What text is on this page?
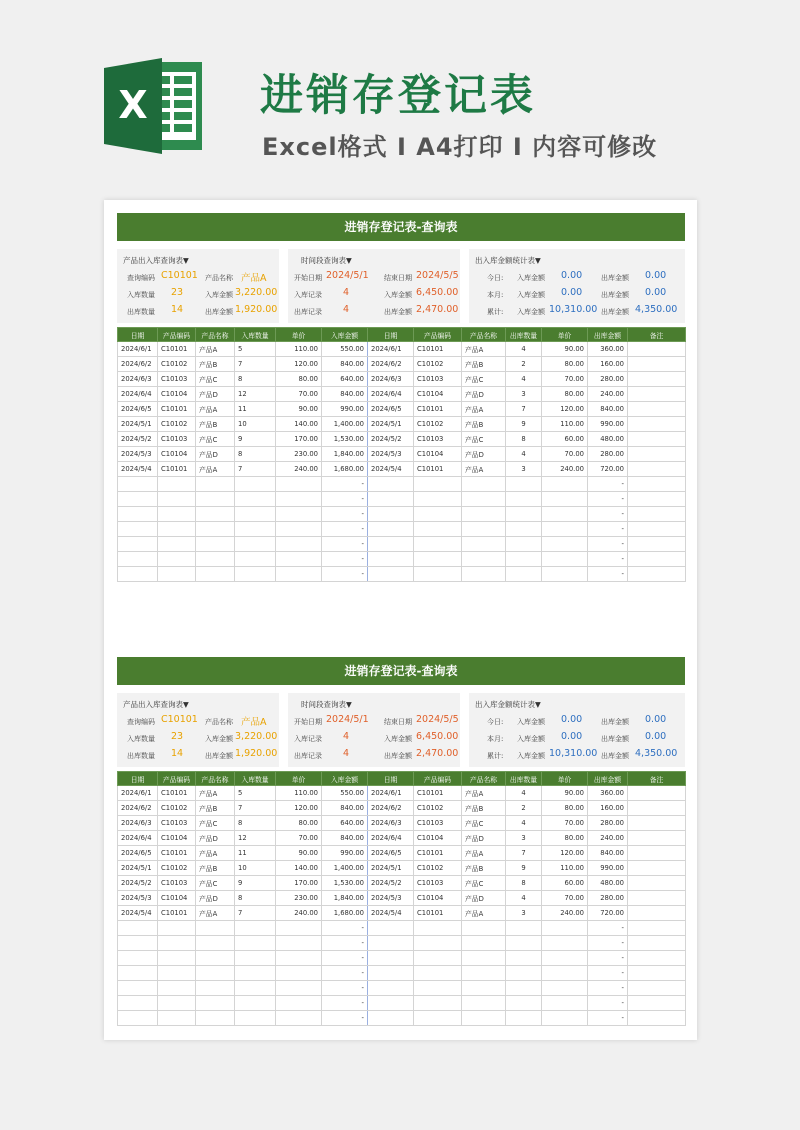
X	进销存登记表
Excel格式 I A4打印 I 内容可修改
进销存登记表-查询表
产品出入库查询表▼
查询编码 C10101 产品名称 产品A
入库数量 23	入库金额 3,220.00
出库数量 14	出库金额 1,920.00
时间段查询表▼
开始日期 2024/5/1 结束日期 2024/5/5
入库记录 4	入库金额 6,450.00
出库记录 4	出库金额 2,470.00
出入库金额统计表▼
今日: 入库金额 0.00	出库金额 0.00
本月: 入库金额 0.00	出库金额 0.00
累计: 入库金额 10,310.00 出库金额 4,350.00
日期	产品编码	产品名称	入库数量	单价	入库金额	日期	产品编码	产品名称	出库数量	单价	出库金额	备注
2024/6/1	C10101	产品A	5	110.00	550.00	2024/6/1	C10101	产品A	4	90.00	360.00	
2024/6/2	C10102	产品B	7	120.00	840.00	2024/6/2	C10102	产品B	2	80.00	160.00	
2024/6/3	C10103	产品C	8	80.00	640.00	2024/6/3	C10103	产品C	4	70.00	280.00	
2024/6/4	C10104	产品D	12	70.00	840.00	2024/6/4	C10104	产品D	3	80.00	240.00	
2024/6/5	C10101	产品A	11	90.00	990.00	2024/6/5	C10101	产品A	7	120.00	840.00	
2024/5/1	C10102	产品B	10	140.00	1,400.00	2024/5/1	C10102	产品B	9	110.00	990.00	
2024/5/2	C10103	产品C	9	170.00	1,530.00	2024/5/2	C10103	产品C	8	60.00	480.00	
2024/5/3	C10104	产品D	8	230.00	1,840.00	2024/5/3	C10104	产品D	4	70.00	280.00	
2024/5/4	C10101	产品A	7	240.00	1,680.00	2024/5/4	C10101	产品A	3	240.00	720.00	
					-						-	
					-						-	
					-						-	
					-						-	
					-						-	
					-						-	
					-						-	
进销存登记表-查询表
产品出入库查询表▼
查询编码 C10101 产品名称 产品A
入库数量 23	入库金额 3,220.00
出库数量 14	出库金额 1,920.00
时间段查询表▼
开始日期 2024/5/1 结束日期 2024/5/5
入库记录 4	入库金额 6,450.00
出库记录 4	出库金额 2,470.00
出入库金额统计表▼
今日: 入库金额 0.00	出库金额 0.00
本月: 入库金额 0.00	出库金额 0.00
累计: 入库金额 10,310.00 出库金额 4,350.00
日期	产品编码	产品名称	入库数量	单价	入库金额	日期	产品编码	产品名称	出库数量	单价	出库金额	备注
2024/6/1	C10101	产品A	5	110.00	550.00	2024/6/1	C10101	产品A	4	90.00	360.00	
2024/6/2	C10102	产品B	7	120.00	840.00	2024/6/2	C10102	产品B	2	80.00	160.00	
2024/6/3	C10103	产品C	8	80.00	640.00	2024/6/3	C10103	产品C	4	70.00	280.00	
2024/6/4	C10104	产品D	12	70.00	840.00	2024/6/4	C10104	产品D	3	80.00	240.00	
2024/6/5	C10101	产品A	11	90.00	990.00	2024/6/5	C10101	产品A	7	120.00	840.00	
2024/5/1	C10102	产品B	10	140.00	1,400.00	2024/5/1	C10102	产品B	9	110.00	990.00	
2024/5/2	C10103	产品C	9	170.00	1,530.00	2024/5/2	C10103	产品C	8	60.00	480.00	
2024/5/3	C10104	产品D	8	230.00	1,840.00	2024/5/3	C10104	产品D	4	70.00	280.00	
2024/5/4	C10101	产品A	7	240.00	1,680.00	2024/5/4	C10101	产品A	3	240.00	720.00	
					-						-	
					-						-	
					-						-	
					-						-	
					-						-	
					-						-	
					-						-	
